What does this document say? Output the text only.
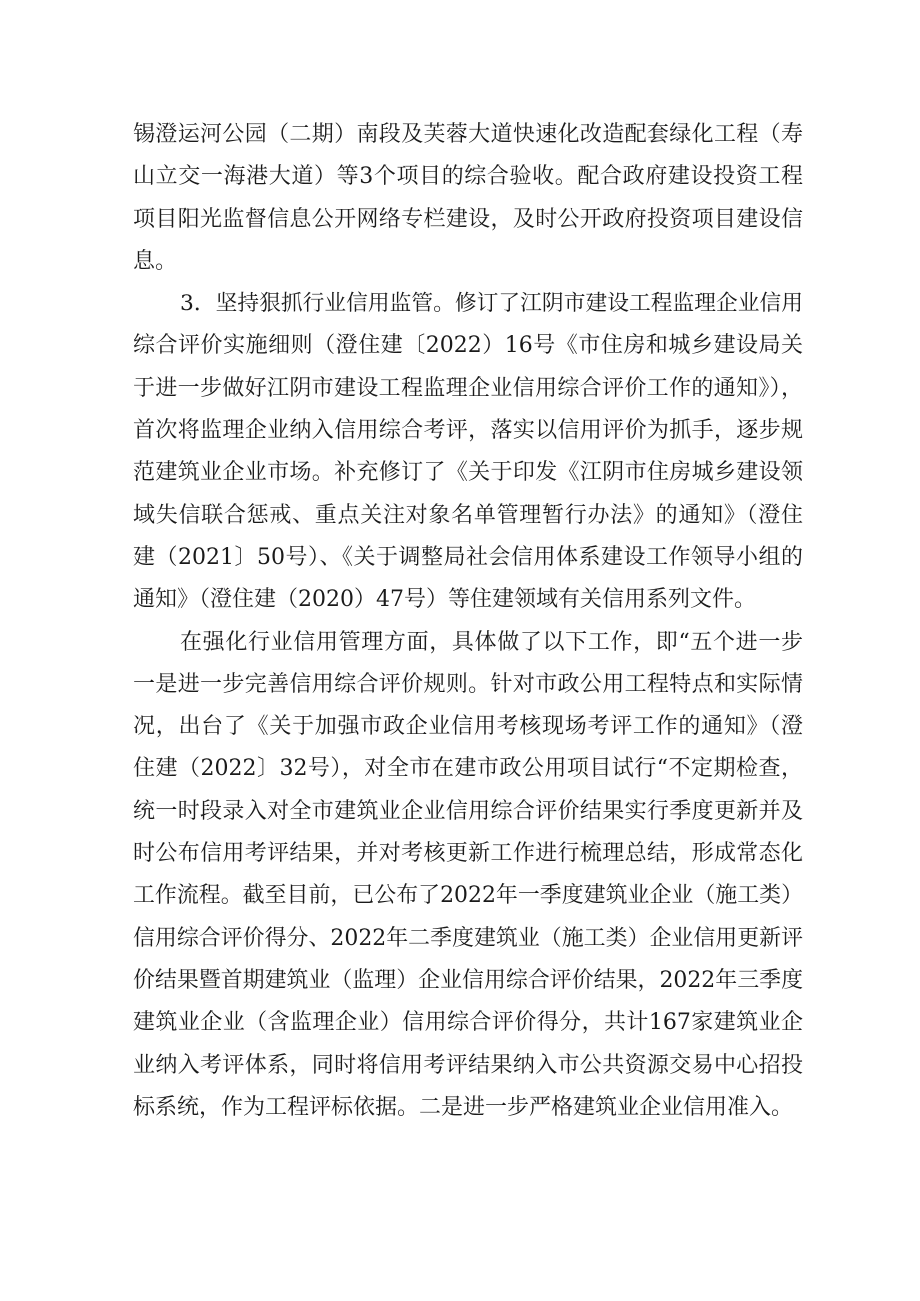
锡澄运河公园（二期）南段及芙蓉大道快速化改造配套绿化工程（寿
山立交一海港大道）等3个项目的综合验收。配合政府建设投资工程
项目阳光监督信息公开网络专栏建设，及时公开政府投资项目建设信
息。
3．坚持狠抓行业信用监管。修订了江阴市建设工程监理企业信用
综合评价实施细则（澄住建〔2022）16号《市住房和城乡建设局关
于进一步做好江阴市建设工程监理企业信用综合评价工作的通知》），
首次将监理企业纳入信用综合考评，落实以信用评价为抓手，逐步规
范建筑业企业市场。补充修订了《关于印发《江阴市住房城乡建设领
域失信联合惩戒、重点关注对象名单管理暂行办法》的通知》（澄住
建（2021〕50号）、《关于调整局社会信用体系建设工作领导小组的
通知》（澄住建（2020）47号）等住建领域有关信用系列文件。
在强化行业信用管理方面，具体做了以下工作，即“五个进一步
一是进一步完善信用综合评价规则。针对市政公用工程特点和实际情
况，出台了《关于加强市政企业信用考核现场考评工作的通知》（澄
住建（2022〕32号），对全市在建市政公用项目试行“不定期检查，
统一时段录入对全市建筑业企业信用综合评价结果实行季度更新并及
时公布信用考评结果，并对考核更新工作进行梳理总结，形成常态化
工作流程。截至目前，已公布了2022年一季度建筑业企业（施工类）
信用综合评价得分、2022年二季度建筑业（施工类）企业信用更新评
价结果暨首期建筑业（监理）企业信用综合评价结果，2022年三季度
建筑业企业（含监理企业）信用综合评价得分，共计167家建筑业企
业纳入考评体系，同时将信用考评结果纳入市公共资源交易中心招投
标系统，作为工程评标依据。二是进一步严格建筑业企业信用准入。
